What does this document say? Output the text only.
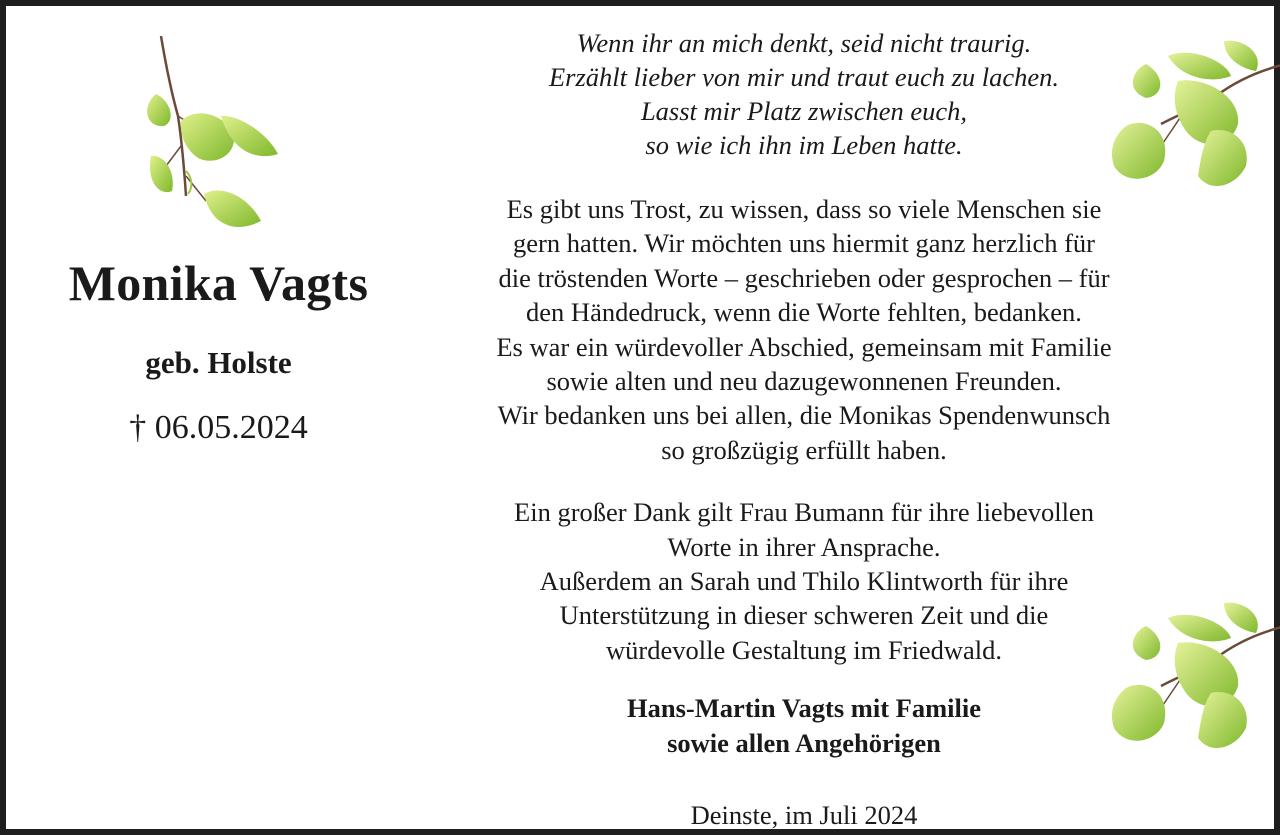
Monika Vagts
geb. Holste
† 06.05.2024

Wenn ihr an mich denkt, seid nicht traurig.
Erzählt lieber von mir und traut euch zu lachen.
Lasst mir Platz zwischen euch,
so wie ich ihn im Leben hatte.

Es gibt uns Trost, zu wissen, dass so viele Menschen sie
gern hatten. Wir möchten uns hiermit ganz herzlich für
die tröstenden Worte – geschrieben oder gesprochen – für
den Händedruck, wenn die Worte fehlten, bedanken.
Es war ein würdevoller Abschied, gemeinsam mit Familie
sowie alten und neu dazugewonnenen Freunden.
Wir bedanken uns bei allen, die Monikas Spendenwunsch
so großzügig erfüllt haben.

Ein großer Dank gilt Frau Bumann für ihre liebevollen
Worte in ihrer Ansprache.
Außerdem an Sarah und Thilo Klintworth für ihre
Unterstützung in dieser schweren Zeit und die
würdevolle Gestaltung im Friedwald.

Hans-Martin Vagts mit Familie
sowie allen Angehörigen
Deinste, im Juli 2024
